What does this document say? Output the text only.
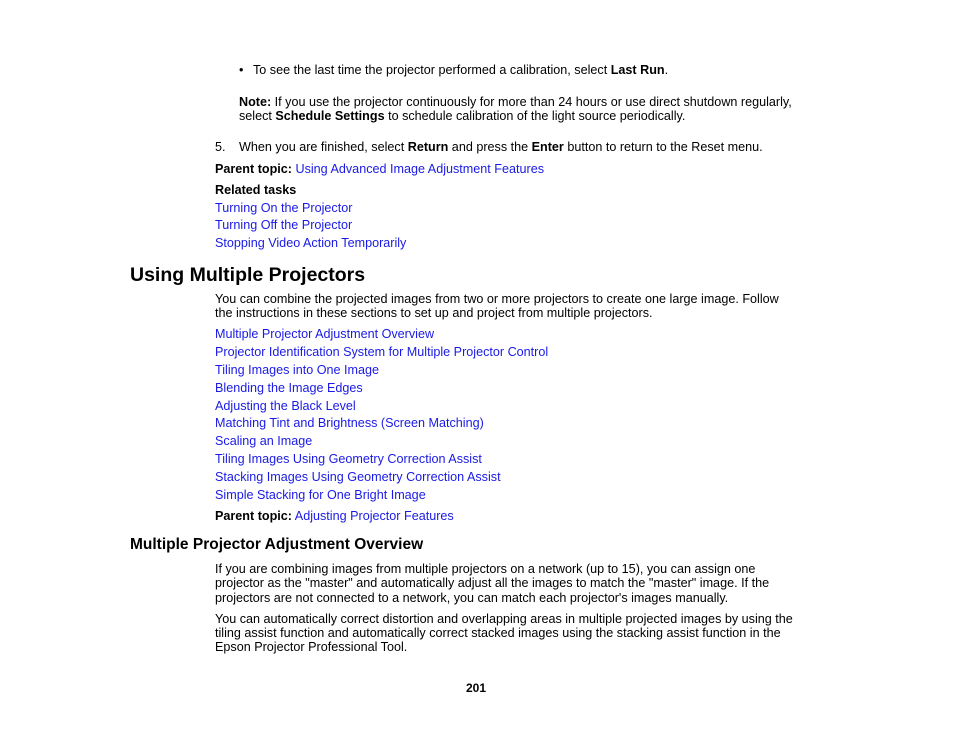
• To see the last time the projector performed a calibration, select Last Run.
Note: If you use the projector continuously for more than 24 hours or use direct shutdown regularly,
select Schedule Settings to schedule calibration of the light source periodically.
5. When you are finished, select Return and press the Enter button to return to the Reset menu.
Parent topic: Using Advanced Image Adjustment Features
Related tasks
Turning On the Projector
Turning Off the Projector
Stopping Video Action Temporarily
Using Multiple Projectors
You can combine the projected images from two or more projectors to create one large image. Follow
the instructions in these sections to set up and project from multiple projectors.
Multiple Projector Adjustment Overview
Projector Identification System for Multiple Projector Control
Tiling Images into One Image
Blending the Image Edges
Adjusting the Black Level
Matching Tint and Brightness (Screen Matching)
Scaling an Image
Tiling Images Using Geometry Correction Assist
Stacking Images Using Geometry Correction Assist
Simple Stacking for One Bright Image
Parent topic: Adjusting Projector Features
Multiple Projector Adjustment Overview
If you are combining images from multiple projectors on a network (up to 15), you can assign one
projector as the "master" and automatically adjust all the images to match the "master" image. If the
projectors are not connected to a network, you can match each projector's images manually.
You can automatically correct distortion and overlapping areas in multiple projected images by using the
tiling assist function and automatically correct stacked images using the stacking assist function in the
Epson Projector Professional Tool.
201
